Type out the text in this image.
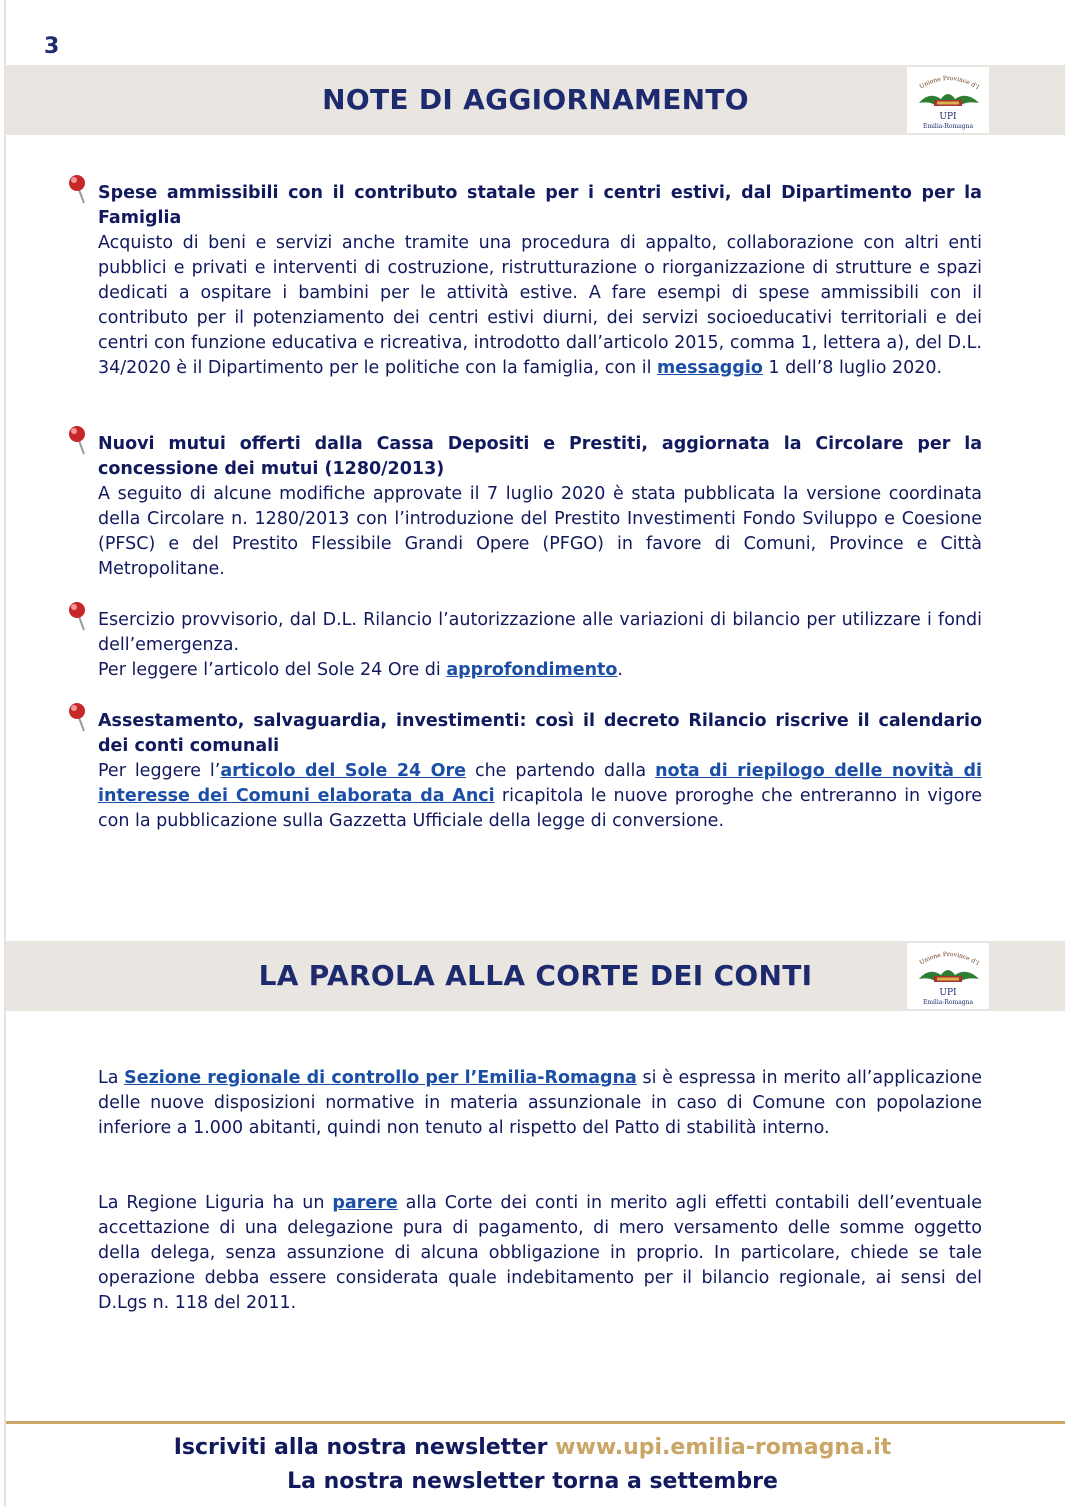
3
NOTE DI AGGIORNAMENTO	Unione Province d'I
UPI
Emilia-Romagna
Spese ammissibili con il contributo statale per i centri estivi, dal Dipartimento per la Famiglia
Acquisto di beni e servizi anche tramite una procedura di appalto, collaborazione con altri enti pubblici e privati e interventi di costruzione, ristrutturazione o riorganizzazione di strutture e spazi dedicati a ospitare i bambini per le attività estive. A fare esempi di spese ammissibili con il contributo per il potenziamento dei centri estivi diurni, dei servizi socioeducativi territoriali e dei centri con funzione educativa e ricreativa, introdotto dall’articolo 2015, comma 1, lettera a), del D.L. 34/2020 è il Dipartimento per le politiche con la famiglia, con il messaggio 1 dell’8 luglio 2020.
Nuovi mutui offerti dalla Cassa Depositi e Prestiti, aggiornata la Circolare per la concessione dei mutui (1280/2013)
A seguito di alcune modifiche approvate il 7 luglio 2020 è stata pubblicata la versione coordinata della Circolare n. 1280/2013 con l’introduzione del Prestito Investimenti Fondo Sviluppo e Coesione (PFSC) e del Prestito Flessibile Grandi Opere (PFGO) in favore di Comuni, Province e Città Metropolitane.
Esercizio provvisorio, dal D.L. Rilancio l’autorizzazione alle variazioni di bilancio per utilizzare i fondi dell’emergenza.
Per leggere l’articolo del Sole 24 Ore di approfondimento.
Assestamento, salvaguardia, investimenti: così il decreto Rilancio riscrive il calendario dei conti comunali
Per leggere l’articolo del Sole 24 Ore che partendo dalla nota di riepilogo delle novità di interesse dei Comuni elaborata da Anci ricapitola le nuove proroghe che entreranno in vigore con la pubblicazione sulla Gazzetta Ufficiale della legge di conversione.
LA PAROLA ALLA CORTE DEI CONTI	Unione Province d'I
UPI
Emilia-Romagna
La Sezione regionale di controllo per l’Emilia-Romagna si è espressa in merito all’applicazione delle nuove disposizioni normative in materia assunzionale in caso di Comune con popolazione inferiore a 1.000 abitanti, quindi non tenuto al rispetto del Patto di stabilità interno.
La Regione Liguria ha un parere alla Corte dei conti in merito agli effetti contabili dell’eventuale accettazione di una delegazione pura di pagamento, di mero versamento delle somme oggetto della delega, senza assunzione di alcuna obbligazione in proprio. In particolare, chiede se tale operazione debba essere considerata quale indebitamento per il bilancio regionale, ai sensi del D.Lgs n. 118 del 2011.
Iscriviti alla nostra newsletter www.upi.emilia-romagna.it
La nostra newsletter torna a settembre
